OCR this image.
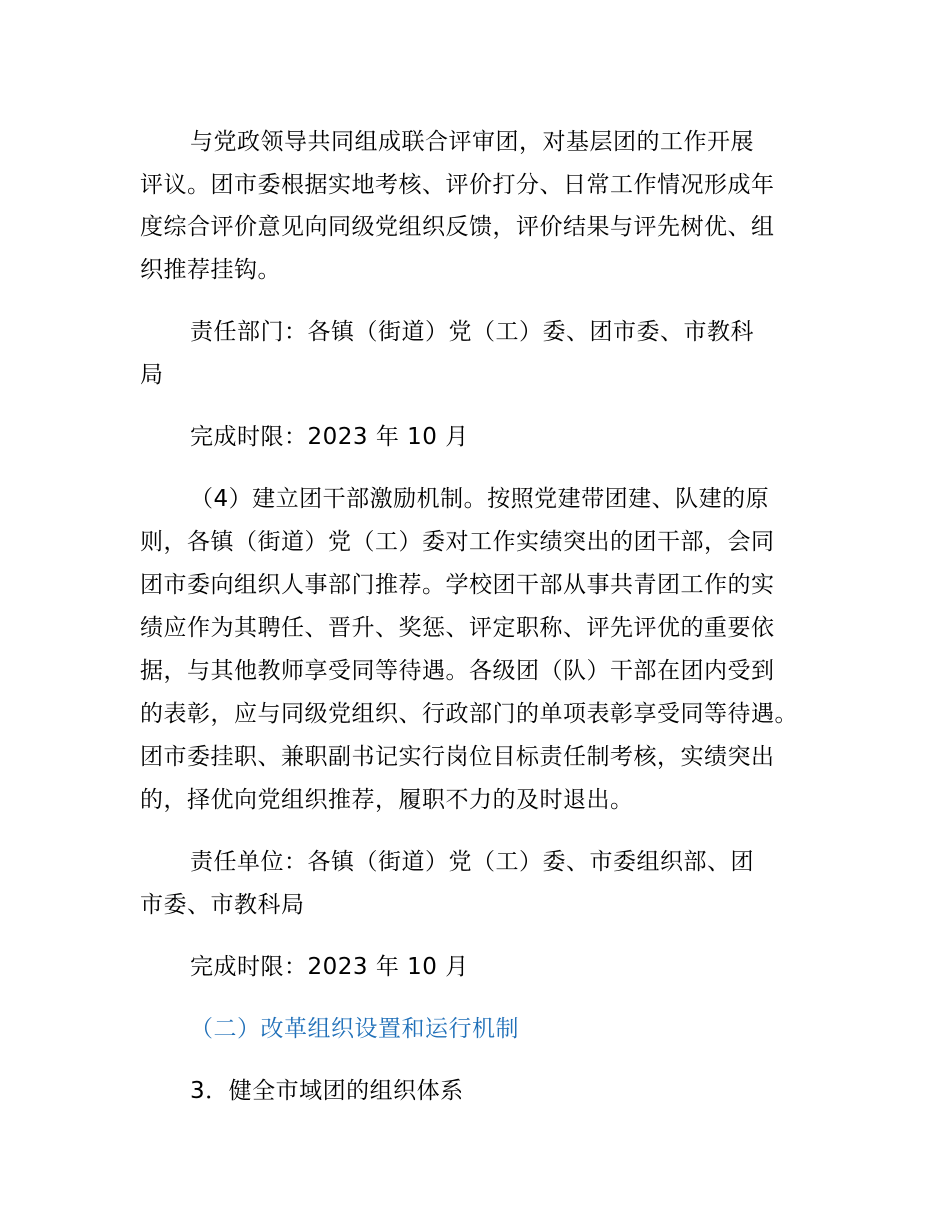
与党政领导共同组成联合评审团，对基层团的工作开展
评议。团市委根据实地考核、评价打分、日常工作情况形成年
度综合评价意见向同级党组织反馈，评价结果与评先树优、组
织推荐挂钩。
责任部门：各镇（街道）党（工）委、团市委、市教科
局
完成时限：2023 年 10 月
（4）建立团干部激励机制。按照党建带团建、队建的原
则，各镇（街道）党（工）委对工作实绩突出的团干部，会同
团市委向组织人事部门推荐。学校团干部从事共青团工作的实
绩应作为其聘任、晋升、奖惩、评定职称、评先评优的重要依
据，与其他教师享受同等待遇。各级团（队）干部在团内受到
的表彰，应与同级党组织、行政部门的单项表彰享受同等待遇。
团市委挂职、兼职副书记实行岗位目标责任制考核，实绩突出
的，择优向党组织推荐，履职不力的及时退出。
责任单位：各镇（街道）党（工）委、市委组织部、团
市委、市教科局
完成时限：2023 年 10 月
（二）改革组织设置和运行机制
3．健全市域团的组织体系
